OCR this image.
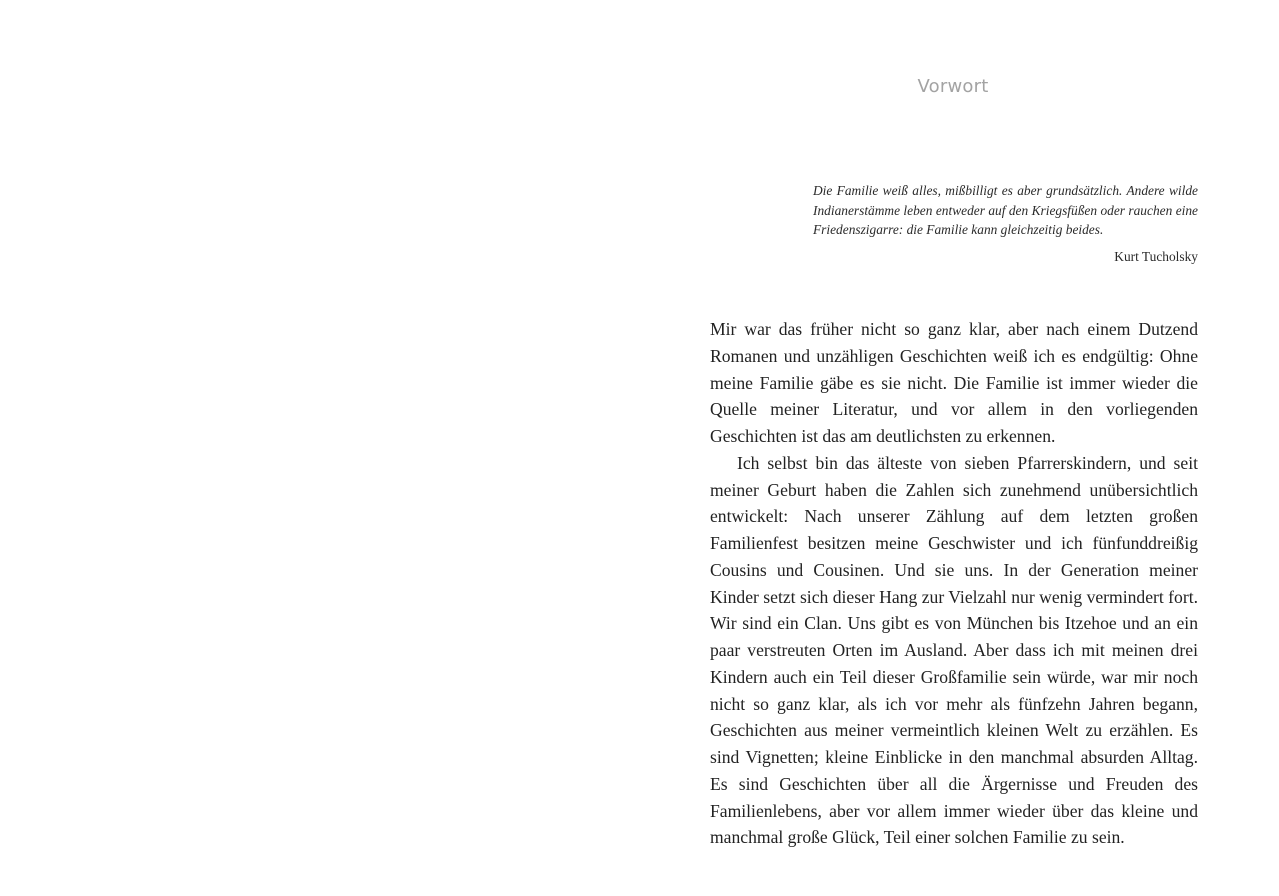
Vorwort

Die Familie weiß alles, mißbilligt es aber grundsätzlich. Andere wilde Indianerstämme leben entweder auf den Kriegsfüßen oder rauchen eine Friedenszigarre: die Familie kann gleichzeitig beides.

Kurt Tucholsky

Mir war das früher nicht so ganz klar, aber nach einem Dutzend Romanen und unzähligen Geschichten weiß ich es endgültig: Ohne meine Familie gäbe es sie nicht. Die Familie ist immer wieder die Quelle meiner Literatur, und vor allem in den vorliegenden Geschichten ist das am deutlichsten zu erkennen.

Ich selbst bin das älteste von sieben Pfarrerskindern, und seit meiner Geburt haben die Zahlen sich zunehmend unübersichtlich entwickelt: Nach unserer Zählung auf dem letzten großen Familienfest besitzen meine Geschwister und ich fünfunddreißig Cousins und Cousinen. Und sie uns. In der Generation meiner Kinder setzt sich dieser Hang zur Vielzahl nur wenig vermindert fort. Wir sind ein Clan. Uns gibt es von München bis Itzehoe und an ein paar verstreuten Orten im Ausland. Aber dass ich mit meinen drei Kindern auch ein Teil dieser Großfamilie sein würde, war mir noch nicht so ganz klar, als ich vor mehr als fünfzehn Jahren begann, Geschichten aus meiner vermeintlich kleinen Welt zu erzählen. Es sind Vignetten; kleine Einblicke in den manchmal absurden Alltag. Es sind Geschichten über all die Ärgernisse und Freuden des Familienlebens, aber vor allem immer wieder über das kleine und manchmal große Glück, Teil einer solchen Familie zu sein.
